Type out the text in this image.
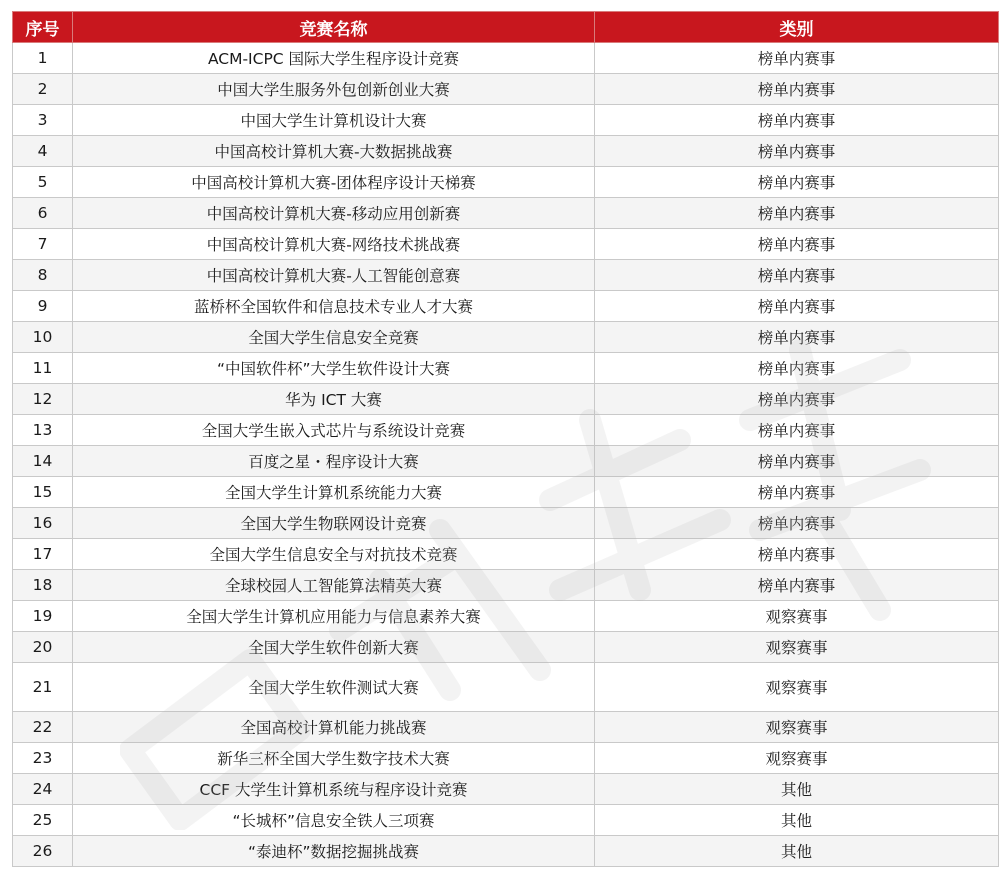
序号	竞赛名称	类别
1	ACM-ICPC 国际大学生程序设计竞赛	榜单内赛事
2	中国大学生服务外包创新创业大赛	榜单内赛事
3	中国大学生计算机设计大赛	榜单内赛事
4	中国高校计算机大赛-大数据挑战赛	榜单内赛事
5	中国高校计算机大赛-团体程序设计天梯赛	榜单内赛事
6	中国高校计算机大赛-移动应用创新赛	榜单内赛事
7	中国高校计算机大赛-网络技术挑战赛	榜单内赛事
8	中国高校计算机大赛-人工智能创意赛	榜单内赛事
9	蓝桥杯全国软件和信息技术专业人才大赛	榜单内赛事
10	全国大学生信息安全竞赛	榜单内赛事
11	“中国软件杯”大学生软件设计大赛	榜单内赛事
12	华为 ICT 大赛	榜单内赛事
13	全国大学生嵌入式芯片与系统设计竞赛	榜单内赛事
14	百度之星・程序设计大赛	榜单内赛事
15	全国大学生计算机系统能力大赛	榜单内赛事
16	全国大学生物联网设计竞赛	榜单内赛事
17	全国大学生信息安全与对抗技术竞赛	榜单内赛事
18	全球校园人工智能算法精英大赛	榜单内赛事
19	全国大学生计算机应用能力与信息素养大赛	观察赛事
20	全国大学生软件创新大赛	观察赛事
21	全国大学生软件测试大赛	观察赛事
22	全国高校计算机能力挑战赛	观察赛事
23	新华三杯全国大学生数字技术大赛	观察赛事
24	CCF 大学生计算机系统与程序设计竞赛	其他
25	“长城杯”信息安全铁人三项赛	其他
26	“泰迪杯”数据挖掘挑战赛	其他
